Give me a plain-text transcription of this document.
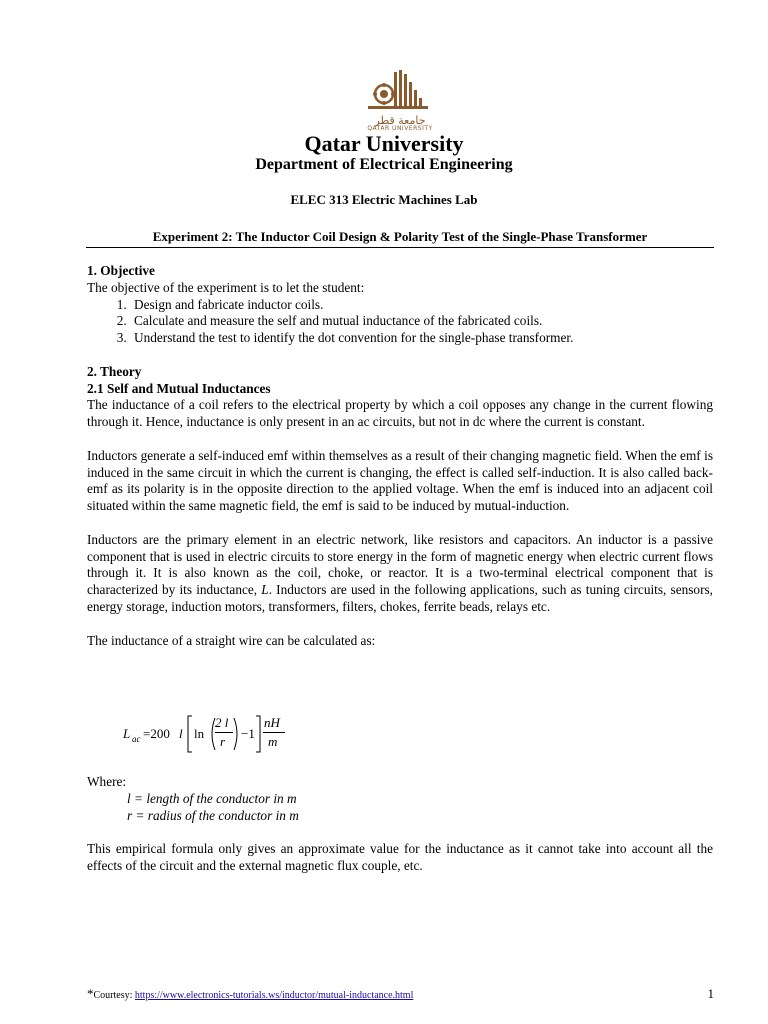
جامعة قطر
QATAR UNIVERSITY
Qatar University
Department of Electrical Engineering
ELEC 313 Electric Machines Lab
Experiment 2: The Inductor Coil Design & Polarity Test of the Single-Phase Transformer

1. Objective

The objective of the experiment is to let the student:

1. Design and fabricate inductor coils.
2. Calculate and measure the self and mutual inductance of the fabricated coils.
3. Understand the test to identify the dot convention for the single-phase transformer.

2. Theory

2.1 Self and Mutual Inductances

The inductance of a coil refers to the electrical property by which a coil opposes any change in the current flowing through it. Hence, inductance is only present in an ac circuits, but not in dc where the current is constant.

Inductors generate a self-induced emf within themselves as a result of their changing magnetic field. When the emf is induced in the same circuit in which the current is changing, the effect is called self-induction. It is also called back-emf as its polarity is in the opposite direction to the applied voltage. When the emf is induced into an adjacent coil situated within the same magnetic field, the emf is said to be induced by mutual-induction.

Inductors are the primary element in an electric network, like resistors and capacitors. An inductor is a passive component that is used in electric circuits to store energy in the form of magnetic energy when electric current flows through it. It is also known as the coil, choke, or reactor. It is a two-terminal electrical component that is characterized by its inductance, L. Inductors are used in the following applications, such as tuning circuits, sensors, energy storage, induction motors, transformers, filters, chokes, ferrite beads, relays etc.

The inductance of a straight wire can be calculated as:

L ac =200 l ln
2 l
r
−1
nH
m

Where:

l = length of the conductor in m

r = radius of the conductor in m

This empirical formula only gives an approximate value for the inductance as it cannot take into account all the effects of the circuit and the external magnetic flux couple, etc.

*Courtesy: https://www.electronics-tutorials.ws/inductor/mutual-inductance.html	1
